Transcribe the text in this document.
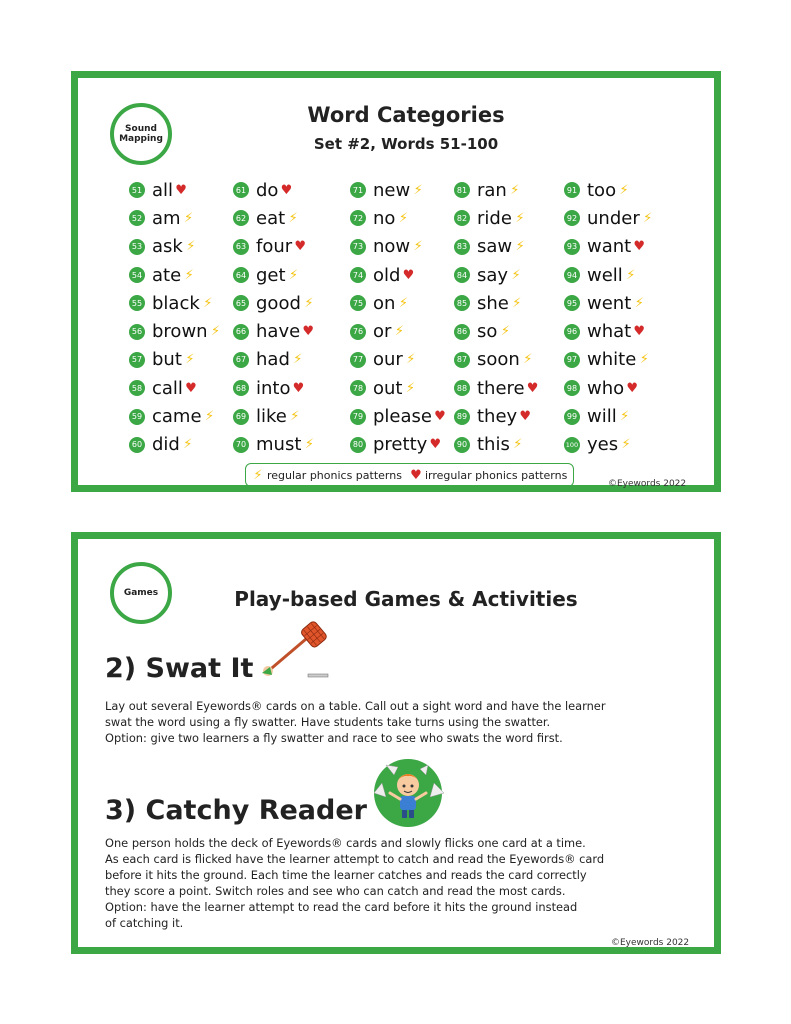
Sound
Mapping
Word Categories
Set #2, Words 51-100
51 all ♥
52 am ⚡
53 ask ⚡
54 ate ⚡
55 black ⚡
56 brown ⚡
57 but ⚡
58 call ♥
59 came ⚡
60 did ⚡
61 do ♥
62 eat ⚡
63 four ♥
64 get ⚡
65 good ⚡
66 have ♥
67 had ⚡
68 into ♥
69 like ⚡
70 must ⚡
71 new ⚡
72 no ⚡
73 now ⚡
74 old ♥
75 on ⚡
76 or ⚡
77 our ⚡
78 out ⚡
79 please ♥
80 pretty ♥
81 ran ⚡
82 ride ⚡
83 saw ⚡
84 say ⚡
85 she ⚡
86 so ⚡
87 soon ⚡
88 there ♥
89 they ♥
90 this ⚡
91 too ⚡
92 under ⚡
93 want ♥
94 well ⚡
95 went ⚡
96 what ♥
97 white ⚡
98 who ♥
99 will ⚡
100 yes ⚡
⚡ regular phonics patterns ♥ irregular phonics patterns
©Eyewords 2022
Games	Play-based Games & Activities
2) Swat It
Lay out several Eyewords® cards on a table. Call out a sight word and have the learner
swat the word using a fly swatter. Have students take turns using the swatter.
Option: give two learners a fly swatter and race to see who swats the word first.
3) Catchy Reader
One person holds the deck of Eyewords® cards and slowly flicks one card at a time.
As each card is flicked have the learner attempt to catch and read the Eyewords® card
before it hits the ground. Each time the learner catches and reads the card correctly
they score a point. Switch roles and see who can catch and read the most cards.
Option: have the learner attempt to read the card before it hits the ground instead
of catching it.
©Eyewords 2022
